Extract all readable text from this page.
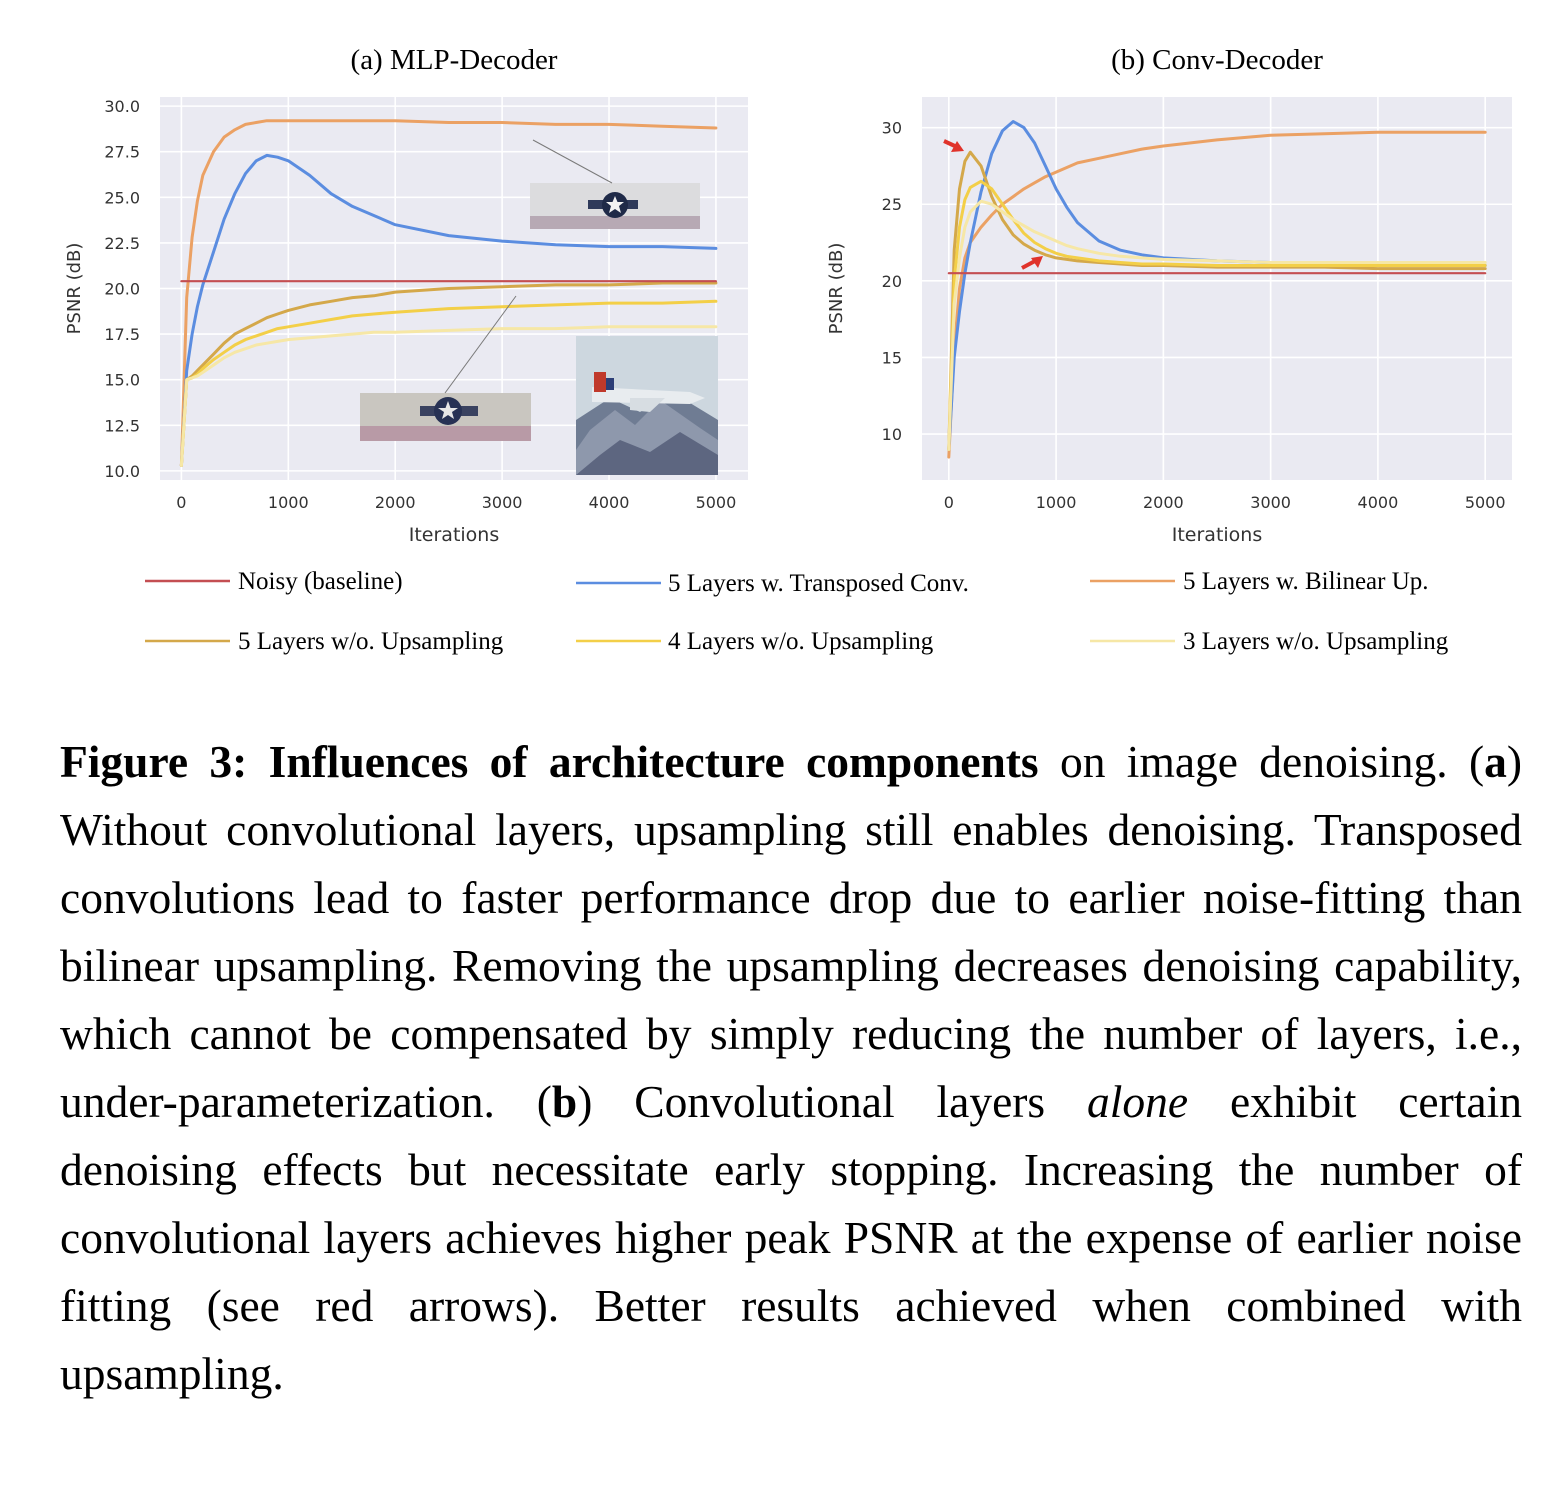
0	1000	2000	3000	4000	5000
10.0
12.5
15.0
17.5
20.0
22.5
25.0
27.5
30.0
Iterations
PSNR (dB)
(a) MLP-Decoder
0	1000	2000	3000	4000	5000
10
15
20
25
30
Iterations
PSNR (dB)
(b) Conv-Decoder
Noisy (baseline)	5 Layers w. Transposed Conv.	5 Layers w. Bilinear Up.
5 Layers w/o. Upsampling	4 Layers w/o. Upsampling	3 Layers w/o. Upsampling
Figure 3: Influences of architecture components on image denoising. (a) Without convolutional layers, upsampling still enables denoising. Transposed convolutions lead to faster performance drop due to earlier noise-fitting than bilinear upsampling. Removing the upsampling decreases denoising capability, which cannot be compensated by simply reducing the number of layers, i.e., under-parameterization. (b) Convolutional layers alone exhibit certain denoising effects but necessitate early stopping. Increasing the number of convolutional layers achieves higher peak PSNR at the expense of earlier noise fitting (see red arrows). Better results achieved when combined with upsampling.
